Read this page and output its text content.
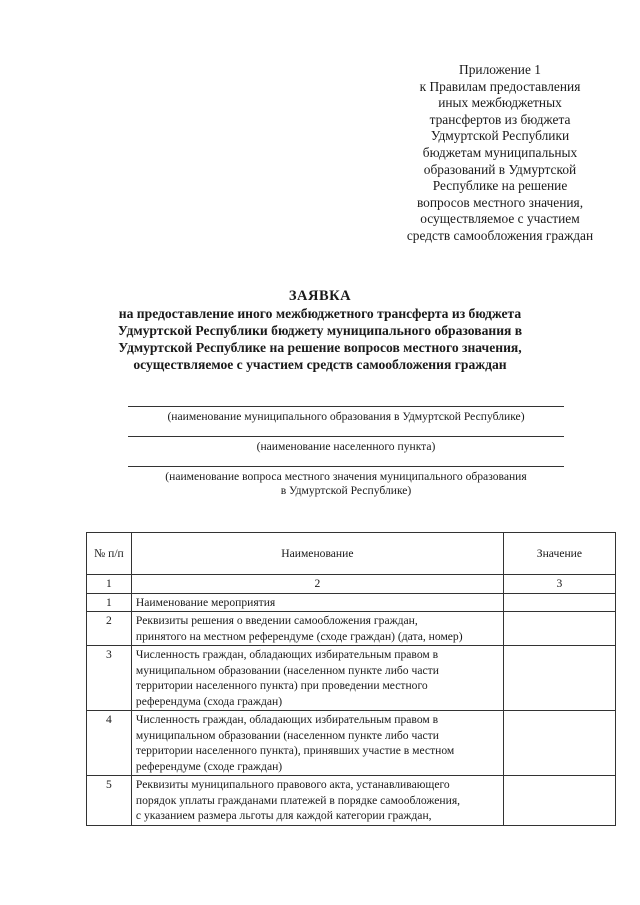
Приложение 1
к Правилам предоставления
иных межбюджетных
трансфертов из бюджета
Удмуртской Республики
бюджетам муниципальных
образований в Удмуртской
Республике на решение
вопросов местного значения,
осуществляемое с участием
средств самообложения граждан
ЗАЯВКА
на предоставление иного межбюджетного трансферта из бюджета
Удмуртской Республики бюджету муниципального образования в
Удмуртской Республике на решение вопросов местного значения,
осуществляемое с участием средств самообложения граждан
(наименование муниципального образования в Удмуртской Республике)
(наименование населенного пункта)
(наименование вопроса местного значения муниципального образования
в Удмуртской Республике)
№ п/п	Наименование	Значение
1	2	3
1	Наименование мероприятия	

2	Реквизиты решения о введении самообложения граждан,
принятого на местном референдуме (сходе граждан) (дата, номер)	

3	Численность граждан, обладающих избирательным правом в
муниципальном образовании (населенном пункте либо части
территории населенного пункта) при проведении местного
референдума (схода граждан)	

4	Численность граждан, обладающих избирательным правом в
муниципальном образовании (населенном пункте либо части
территории населенного пункта), принявших участие в местном
референдуме (сходе граждан)	

5	Реквизиты муниципального правового акта, устанавливающего
порядок уплаты гражданами платежей в порядке самообложения,
с указанием размера льготы для каждой категории граждан,	
